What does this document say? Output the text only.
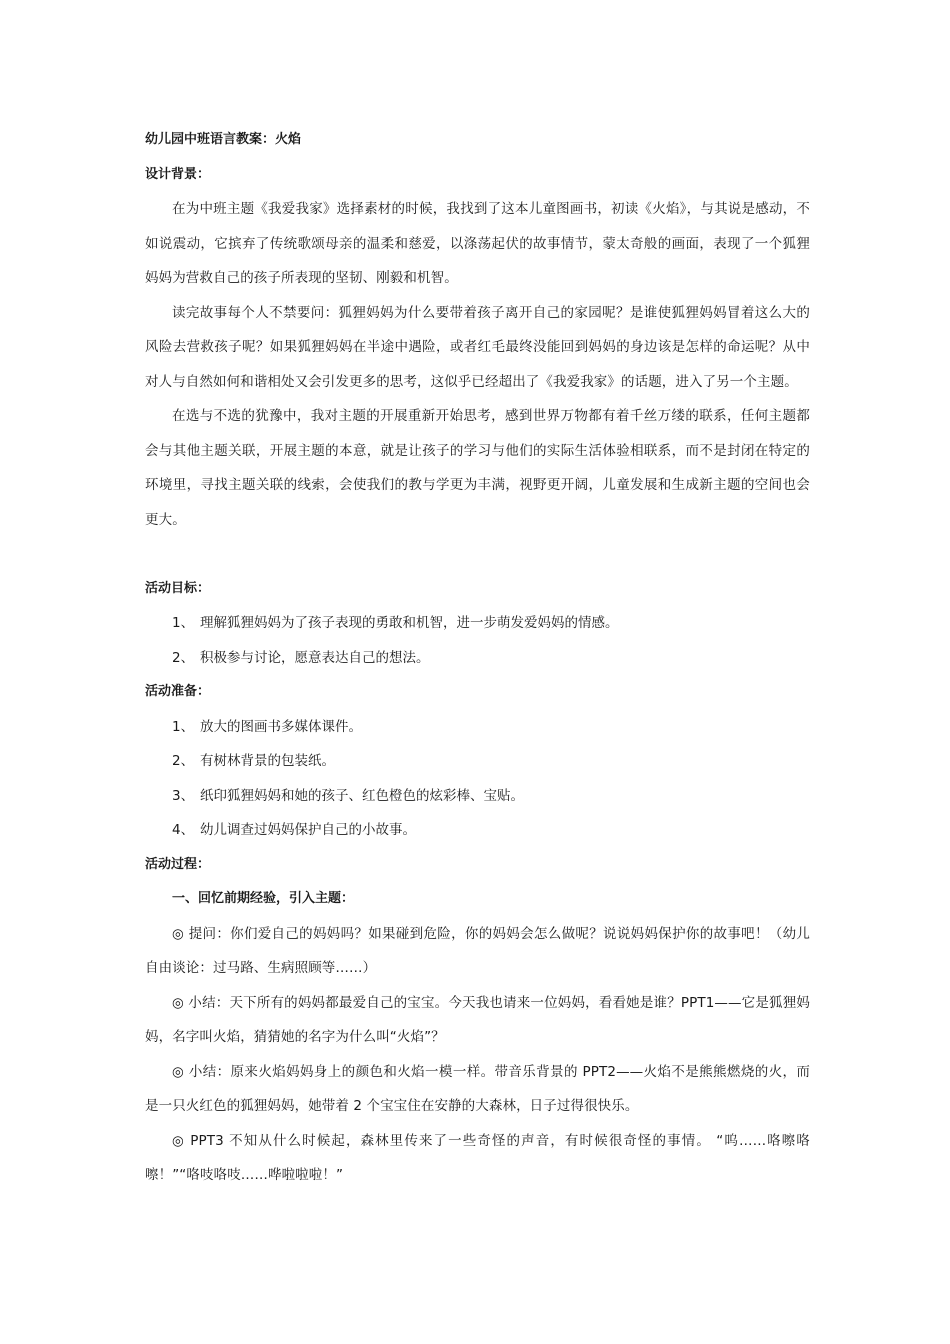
幼儿园中班语言教案：火焰

设计背景：

在为中班主题《我爱我家》选择素材的时候，我找到了这本儿童图画书，初读《火焰》，与其说是感动，不如说震动，它摈弃了传统歌颂母亲的温柔和慈爱，以涤荡起伏的故事情节，蒙太奇般的画面，表现了一个狐狸妈妈为营救自己的孩子所表现的坚韧、刚毅和机智。

读完故事每个人不禁要问：狐狸妈妈为什么要带着孩子离开自己的家园呢？是谁使狐狸妈妈冒着这么大的风险去营救孩子呢？如果狐狸妈妈在半途中遇险，或者红毛最终没能回到妈妈的身边该是怎样的命运呢？从中对人与自然如何和谐相处又会引发更多的思考，这似乎已经超出了《我爱我家》的话题，进入了另一个主题。

在选与不选的犹豫中，我对主题的开展重新开始思考，感到世界万物都有着千丝万缕的联系，任何主题都会与其他主题关联，开展主题的本意，就是让孩子的学习与他们的实际生活体验相联系，而不是封闭在特定的环境里，寻找主题关联的线索，会使我们的教与学更为丰满，视野更开阔，儿童发展和生成新主题的空间也会更大。

活动目标：

1、 理解狐狸妈妈为了孩子表现的勇敢和机智，进一步萌发爱妈妈的情感。

2、 积极参与讨论，愿意表达自己的想法。

活动准备：

1、 放大的图画书多媒体课件。

2、 有树林背景的包装纸。

3、 纸印狐狸妈妈和她的孩子、红色橙色的炫彩棒、宝贴。

4、 幼儿调查过妈妈保护自己的小故事。

活动过程：

一、回忆前期经验，引入主题：

◎ 提问：你们爱自己的妈妈吗？如果碰到危险，你的妈妈会怎么做呢？说说妈妈保护你的故事吧！（幼儿自由谈论：过马路、生病照顾等……）

◎ 小结：天下所有的妈妈都最爱自己的宝宝。今天我也请来一位妈妈，看看她是谁？PPT1——它是狐狸妈妈，名字叫火焰，猜猜她的名字为什么叫“火焰”？

◎ 小结：原来火焰妈妈身上的颜色和火焰一模一样。带音乐背景的 PPT2——火焰不是熊熊燃烧的火，而是一只火红色的狐狸妈妈，她带着 2 个宝宝住在安静的大森林，日子过得很快乐。

◎ PPT3 不知从什么时候起，森林里传来了一些奇怪的声音，有时候很奇怪的事情。 “呜……咯嚓咯嚓！”“咯吱咯吱……哗啦啦啦！”
